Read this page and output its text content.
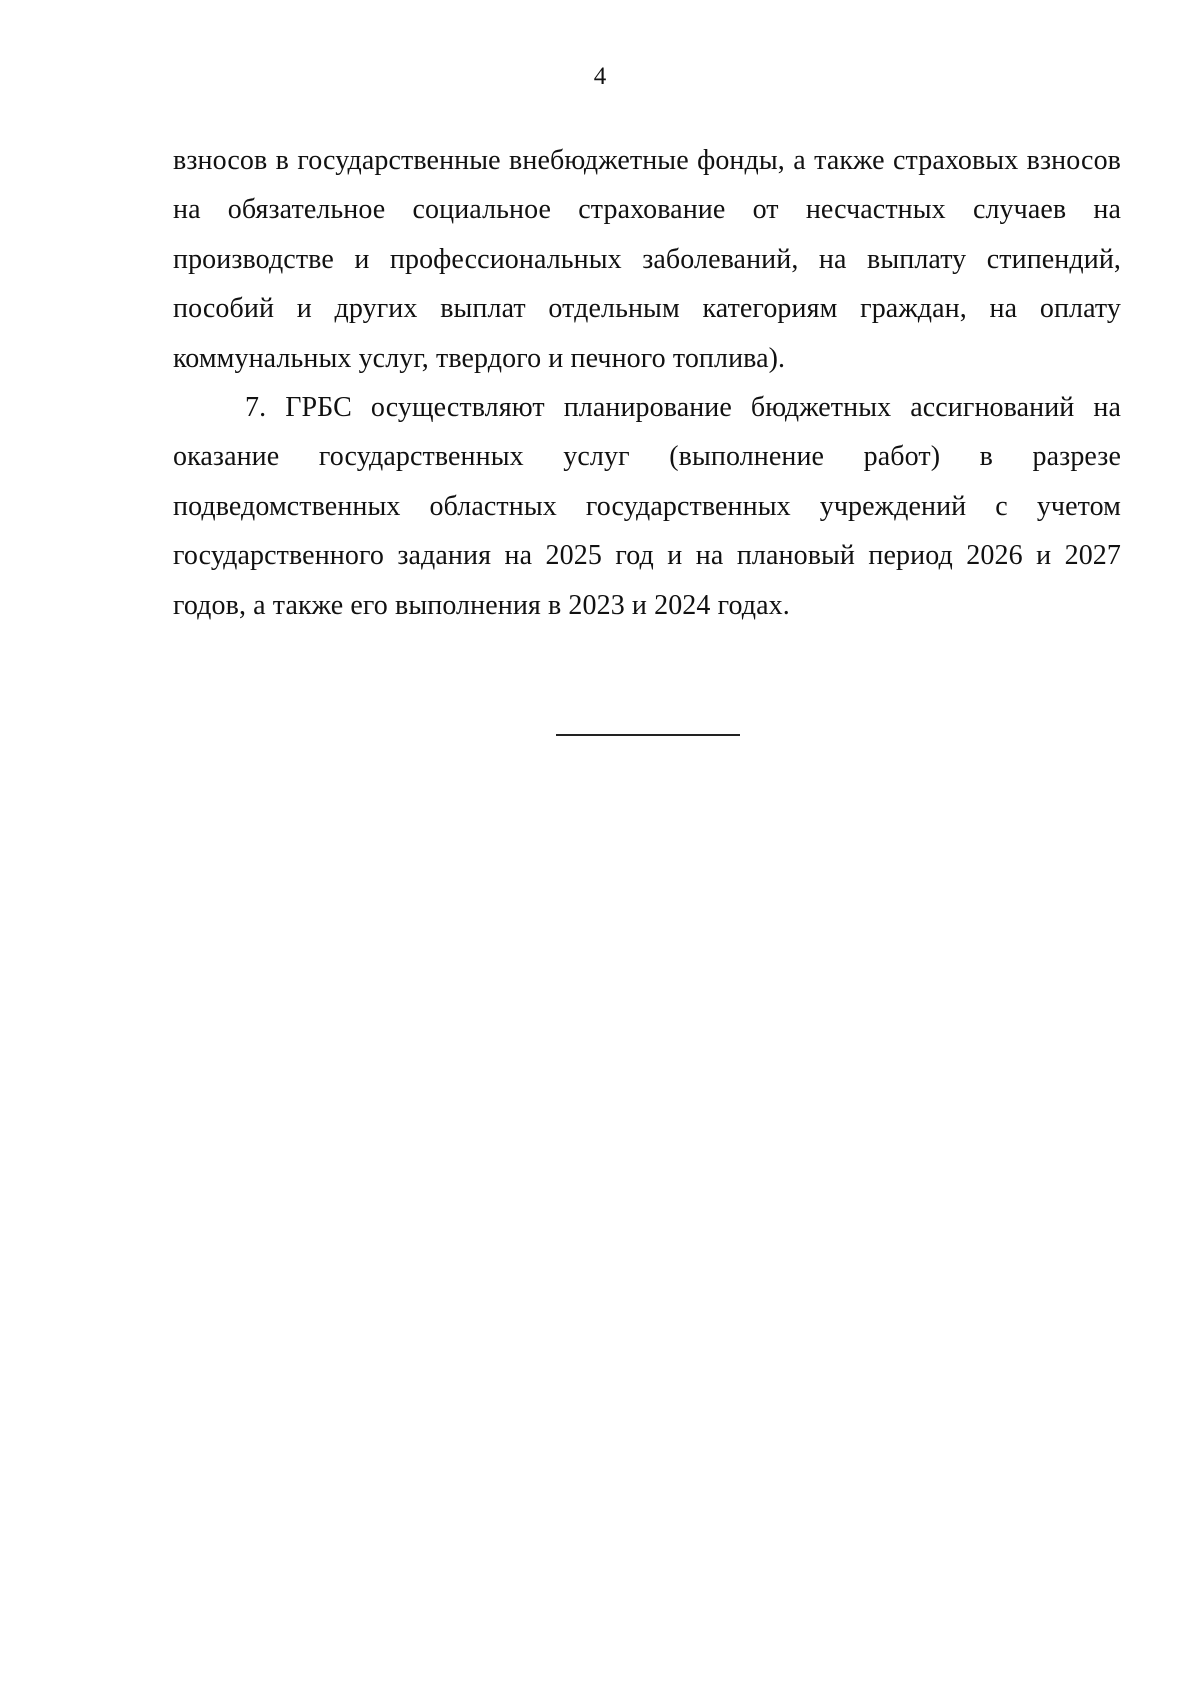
4

взносов в государственные внебюджетные фонды, а также страховых взносов на обязательное социальное страхование от несчастных случаев на производстве и профессиональных заболеваний, на выплату стипендий, пособий и других выплат отдельным категориям граждан, на оплату коммунальных услуг, твердого и печного топлива).

7. ГРБС осуществляют планирование бюджетных ассигнований на оказание государственных услуг (выполнение работ) в разрезе подведомственных областных государственных учреждений с учетом государственного задания на 2025 год и на плановый период 2026 и 2027 годов, а также его выполнения в 2023 и 2024 годах.
